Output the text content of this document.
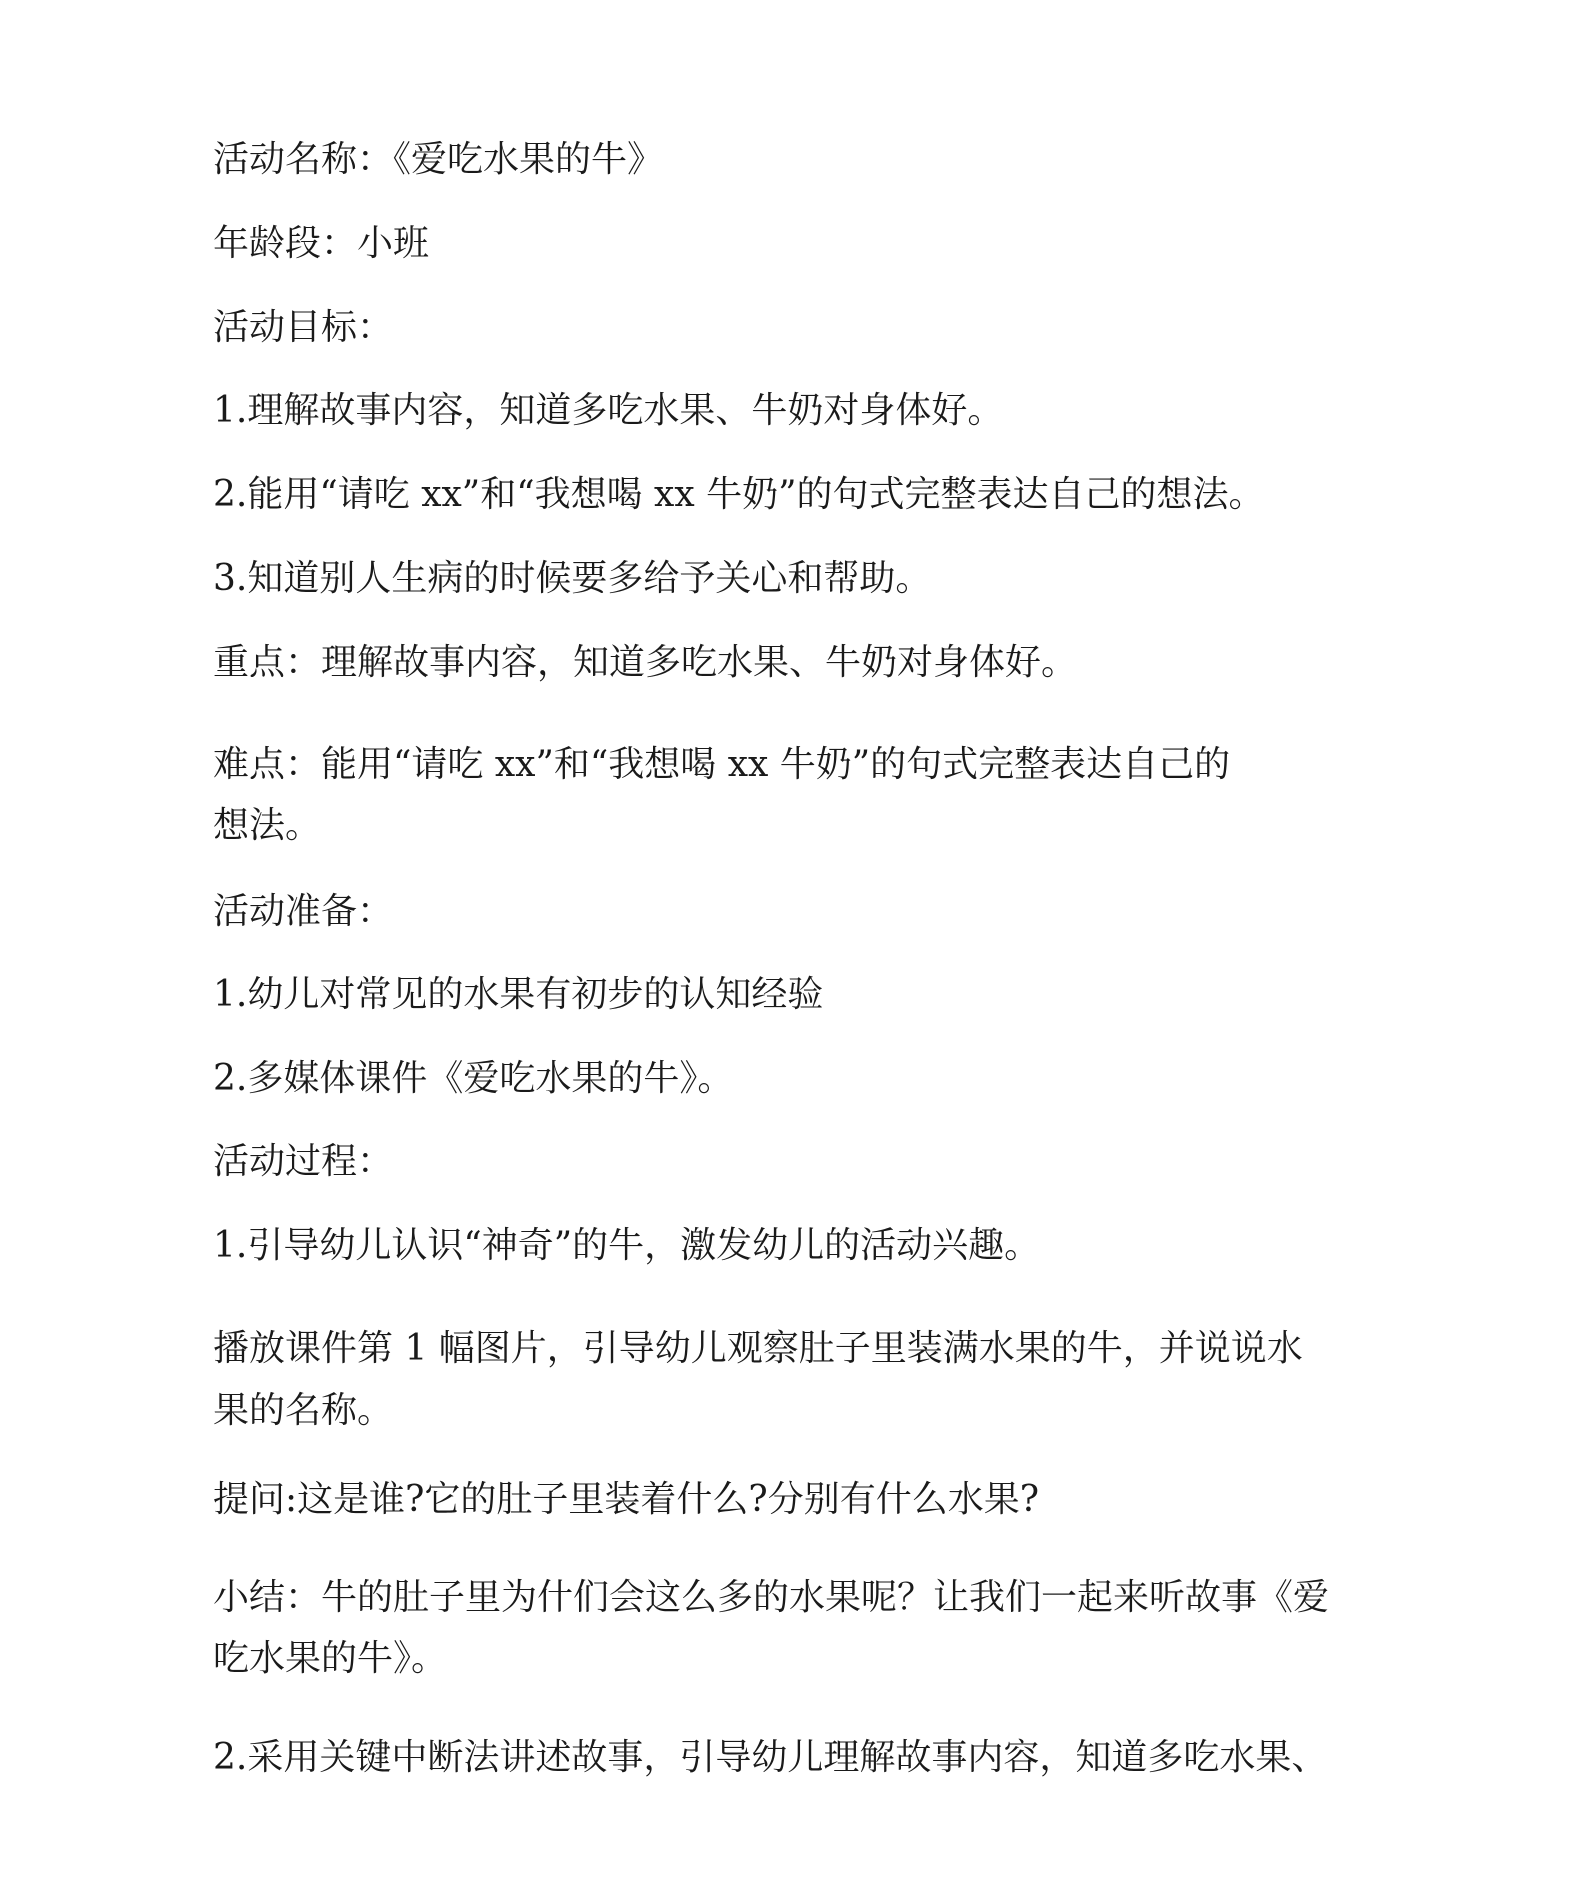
活动名称：《爱吃水果的牛》

年龄段：小班

活动目标：

1.理解故事内容，知道多吃水果、牛奶对身体好。

2.能用“请吃 xx”和“我想喝 xx 牛奶”的句式完整表达自己的想法。

3.知道别人生病的时候要多给予关心和帮助。

重点：理解故事内容，知道多吃水果、牛奶对身体好。

难点：能用“请吃 xx”和“我想喝 xx 牛奶”的句式完整表达自己的

想法。

活动准备：

1.幼儿对常见的水果有初步的认知经验

2.多媒体课件《爱吃水果的牛》。

活动过程：

1.引导幼儿认识“神奇”的牛，激发幼儿的活动兴趣。

播放课件第 1 幅图片，引导幼儿观察肚子里装满水果的牛，并说说水

果的名称。

提问:这是谁?它的肚子里装着什么?分别有什么水果?

小结：牛的肚子里为什们会这么多的水果呢？让我们一起来听故事《爱

吃水果的牛》。

2.采用关键中断法讲述故事，引导幼儿理解故事内容，知道多吃水果、
